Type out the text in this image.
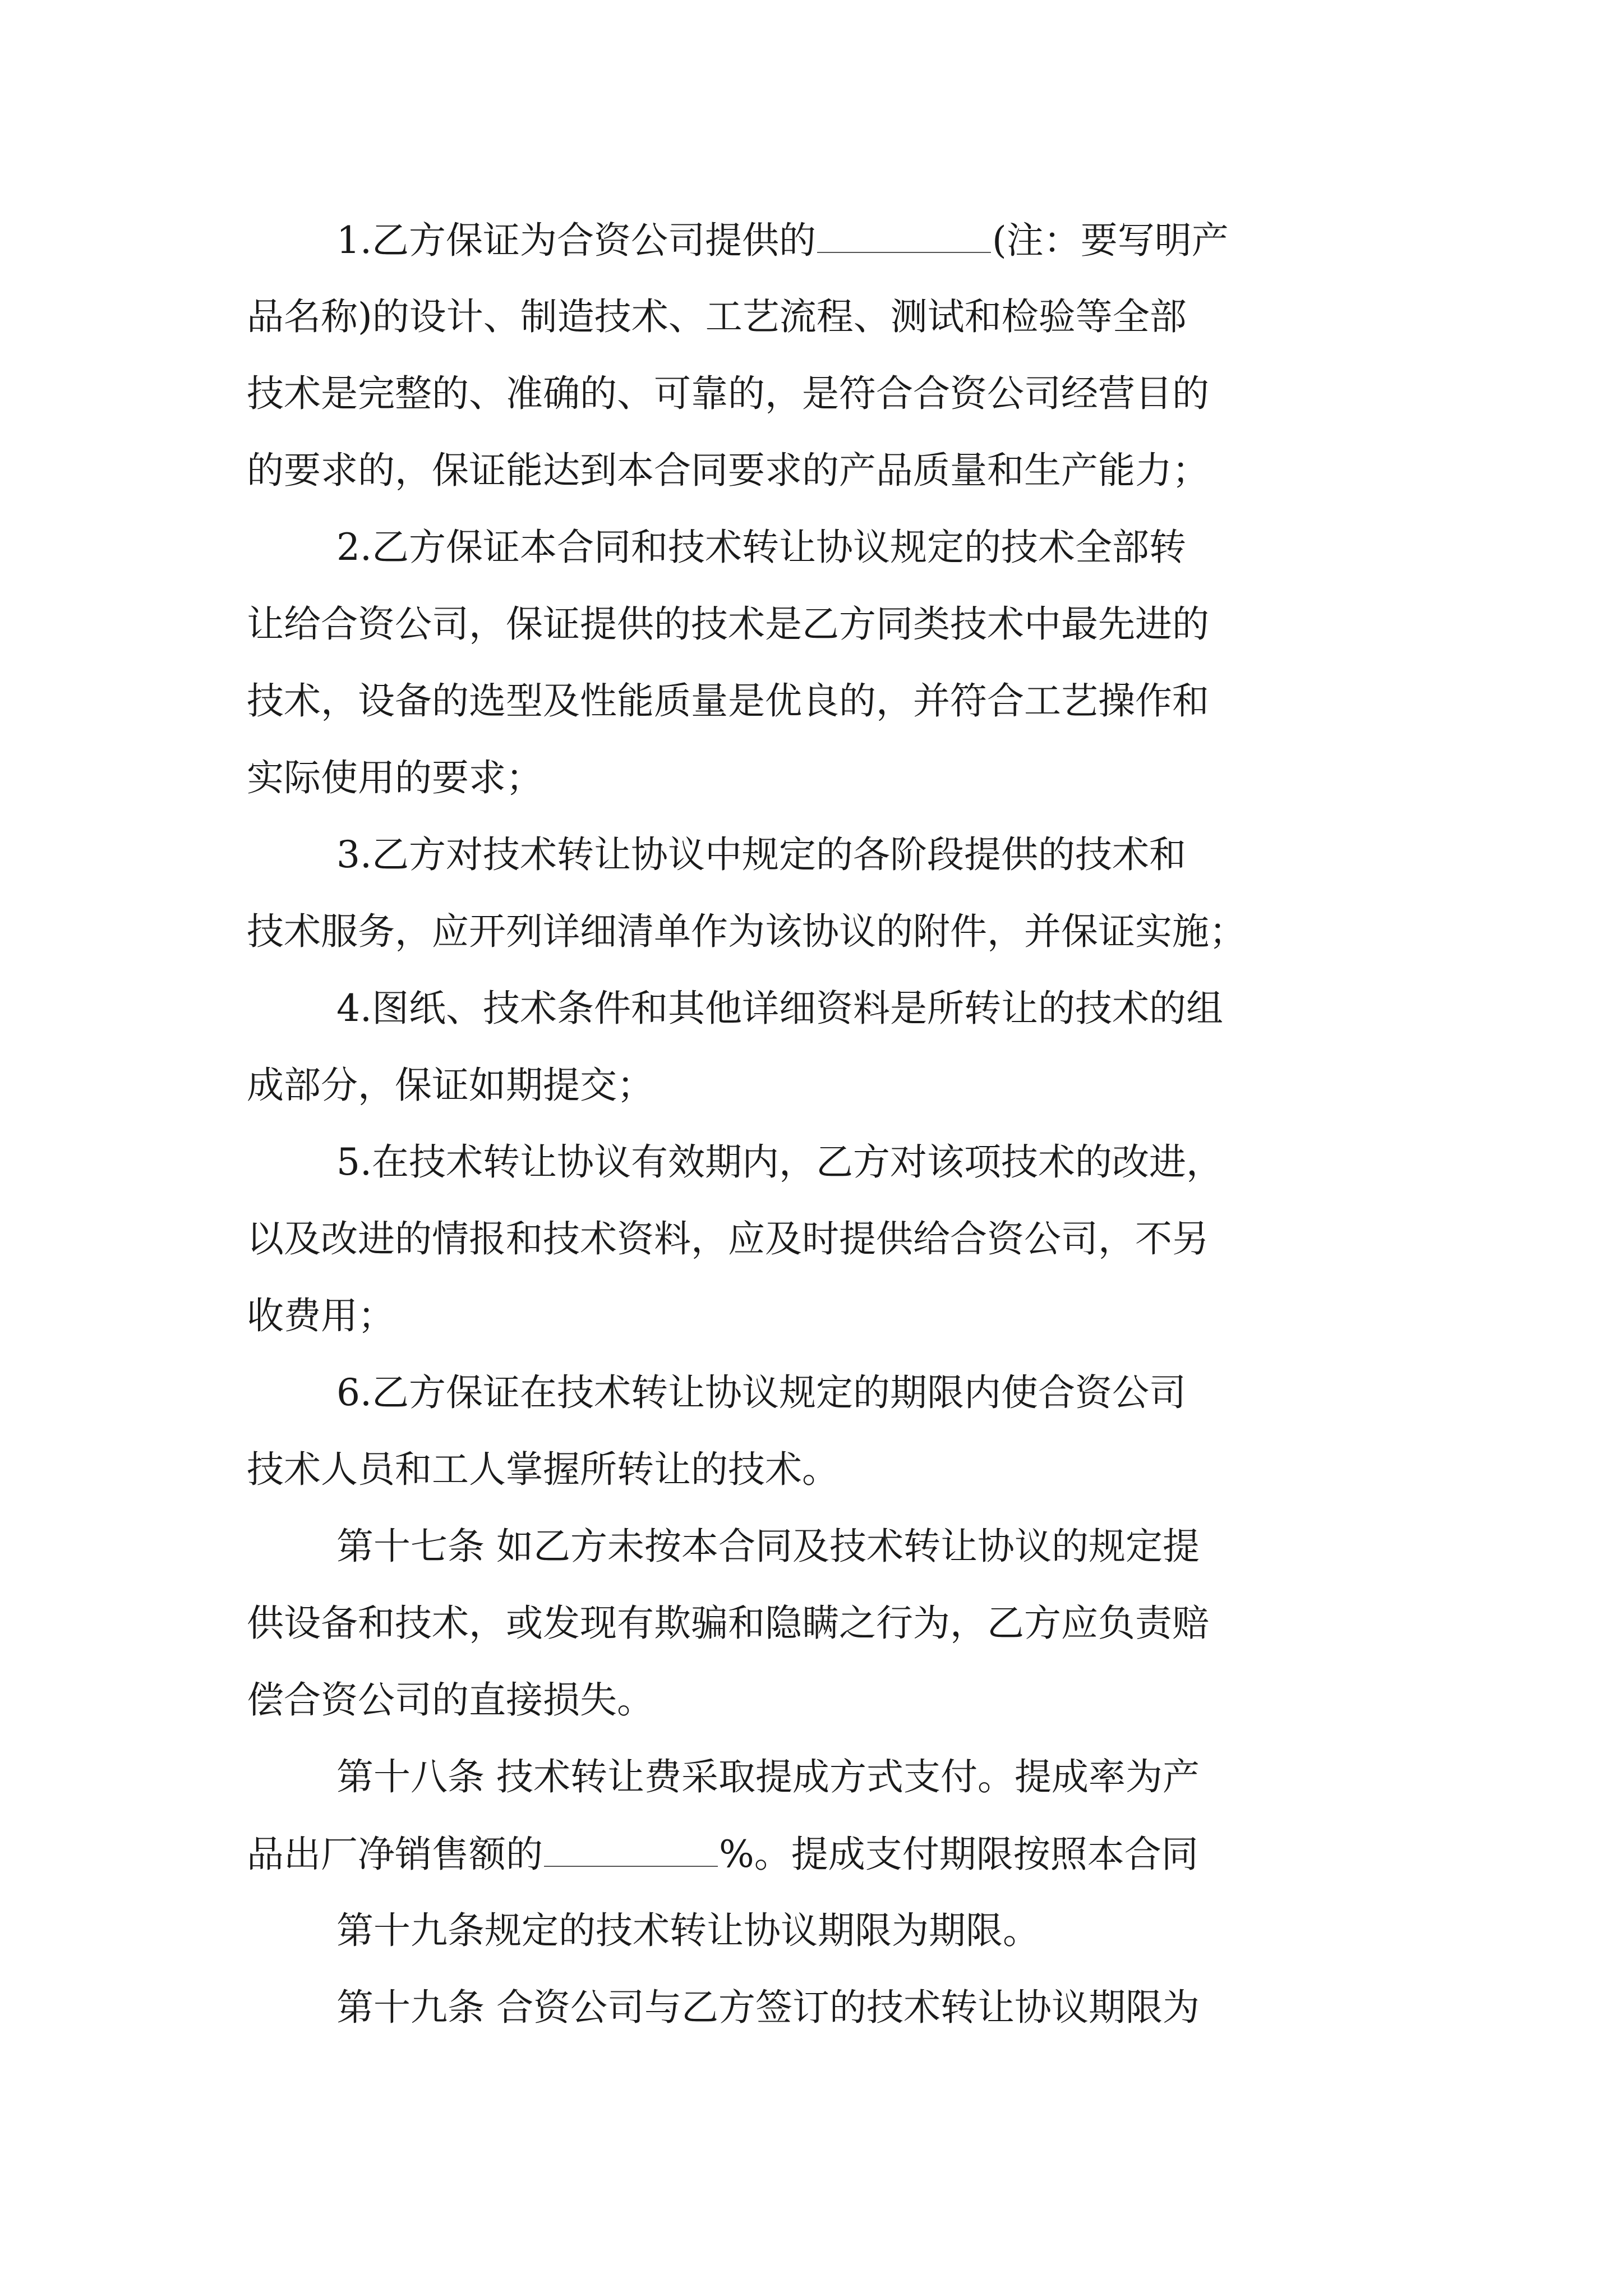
1.乙方保证为合资公司提供的	(注：要写明产

品名称)的设计、制造技术、工艺流程、测试和检验等全部

技术是完整的、准确的、可靠的，是符合合资公司经营目的

的要求的，保证能达到本合同要求的产品质量和生产能力；

2.乙方保证本合同和技术转让协议规定的技术全部转

让给合资公司，保证提供的技术是乙方同类技术中最先进的

技术，设备的选型及性能质量是优良的，并符合工艺操作和

实际使用的要求；

3.乙方对技术转让协议中规定的各阶段提供的技术和

技术服务，应开列详细清单作为该协议的附件，并保证实施；

4.图纸、技术条件和其他详细资料是所转让的技术的组

成部分，保证如期提交；

5.在技术转让协议有效期内，乙方对该项技术的改进，

以及改进的情报和技术资料，应及时提供给合资公司，不另

收费用；

6.乙方保证在技术转让协议规定的期限内使合资公司

技术人员和工人掌握所转让的技术。

第十七条 如乙方未按本合同及技术转让协议的规定提

供设备和技术，或发现有欺骗和隐瞒之行为，乙方应负责赔

偿合资公司的直接损失。

第十八条 技术转让费采取提成方式支付。提成率为产

品出厂净销售额的	%。提成支付期限按照本合同

第十九条规定的技术转让协议期限为期限。

第十九条 合资公司与乙方签订的技术转让协议期限为
